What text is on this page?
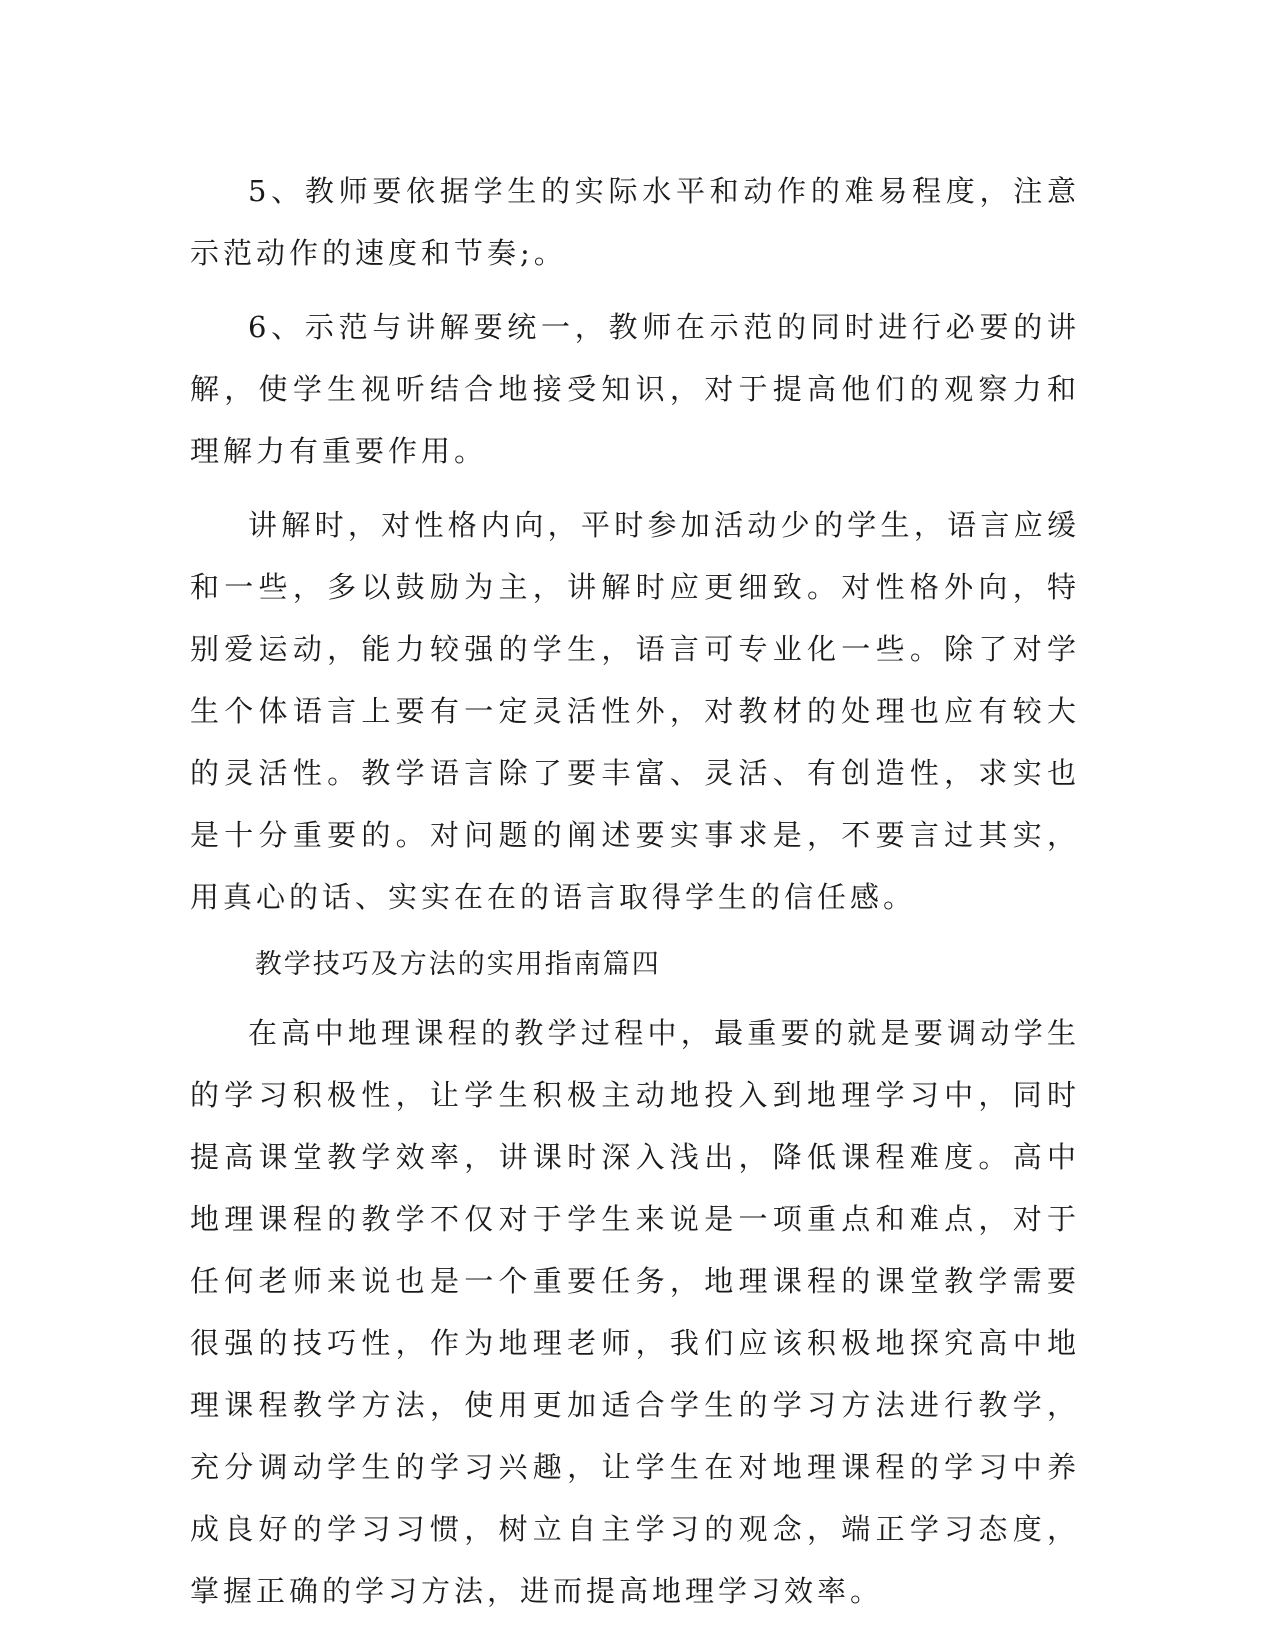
5、教师要依据学生的实际水平和动作的难易程度，注意示范动作的速度和节奏;。

6、示范与讲解要统一，教师在示范的同时进行必要的讲解，使学生视听结合地接受知识，对于提高他们的观察力和理解力有重要作用。

讲解时，对性格内向，平时参加活动少的学生，语言应缓和一些，多以鼓励为主，讲解时应更细致。对性格外向，特别爱运动，能力较强的学生，语言可专业化一些。除了对学生个体语言上要有一定灵活性外，对教材的处理也应有较大的灵活性。教学语言除了要丰富、灵活、有创造性，求实也是十分重要的。对问题的阐述要实事求是，不要言过其实，用真心的话、实实在在的语言取得学生的信任感。

教学技巧及方法的实用指南篇四

在高中地理课程的教学过程中，最重要的就是要调动学生的学习积极性，让学生积极主动地投入到地理学习中，同时提高课堂教学效率，讲课时深入浅出，降低课程难度。高中地理课程的教学不仅对于学生来说是一项重点和难点，对于任何老师来说也是一个重要任务，地理课程的课堂教学需要很强的技巧性，作为地理老师，我们应该积极地探究高中地理课程教学方法，使用更加适合学生的学习方法进行教学，充分调动学生的学习兴趣，让学生在对地理课程的学习中养成良好的学习习惯，树立自主学习的观念，端正学习态度，掌握正确的学习方法，进而提高地理学习效率。
